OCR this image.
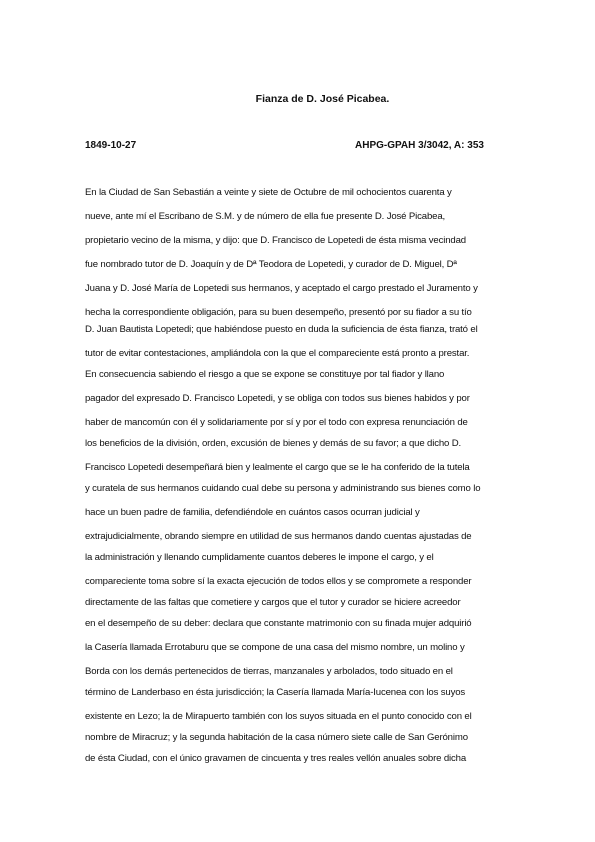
Fianza de D. José Picabea.
1849-10-27	AHPG-GPAH 3/3042, A: 353
En la Ciudad de San Sebastián a veinte y siete de Octubre de mil ochocientos cuarenta y
nueve, ante mí el Escribano de S.M. y de número de ella fue presente D. José Picabea,
propietario vecino de la misma, y dijo: que D. Francisco de Lopetedi de ésta misma vecindad
fue nombrado tutor de D. Joaquín y de Dª Teodora de Lopetedi, y curador de D. Miguel, Dª
Juana y D. José María de Lopetedi sus hermanos, y aceptado el cargo prestado el Juramento y
hecha la correspondiente obligación, para su buen desempeño, presentó por su fiador a su tío
D. Juan Bautista Lopetedi; que habiéndose puesto en duda la suficiencia de ésta fianza, trató el
tutor de evitar contestaciones, ampliándola con la que el compareciente está pronto a prestar.
En consecuencia sabiendo el riesgo a que se expone se constituye por tal fiador y llano
pagador del expresado D. Francisco Lopetedi, y se obliga con todos sus bienes habidos y por
haber de mancomún con él y solidariamente por sí y por el todo con expresa renunciación de
los beneficios de la división, orden, excusión de bienes y demás de su favor; a que dicho D.
Francisco Lopetedi desempeñará bien y lealmente el cargo que se le ha conferido de la tutela
y curatela de sus hermanos cuidando cual debe su persona y administrando sus bienes como lo
hace un buen padre de familia, defendiéndole en cuántos casos ocurran judicial y
extrajudicialmente, obrando siempre en utilidad de sus hermanos dando cuentas ajustadas de
la administración y llenando cumplidamente cuantos deberes le impone el cargo, y el
compareciente toma sobre sí la exacta ejecución de todos ellos y se compromete a responder
directamente de las faltas que cometiere y cargos que el tutor y curador se hiciere acreedor
en el desempeño de su deber: declara que constante matrimonio con su finada mujer adquirió
la Casería llamada Errotaburu que se compone de una casa del mismo nombre, un molino y
Borda con los demás pertenecidos de tierras, manzanales y arbolados, todo situado en el
término de Landerbaso en ésta jurisdicción; la Casería llamada María-Iucenea con los suyos
existente en Lezo; la de Mirapuerto también con los suyos situada en el punto conocido con el
nombre de Miracruz; y la segunda habitación de la casa número siete calle de San Gerónimo
de ésta Ciudad, con el único gravamen de cincuenta y tres reales vellón anuales sobre dicha
